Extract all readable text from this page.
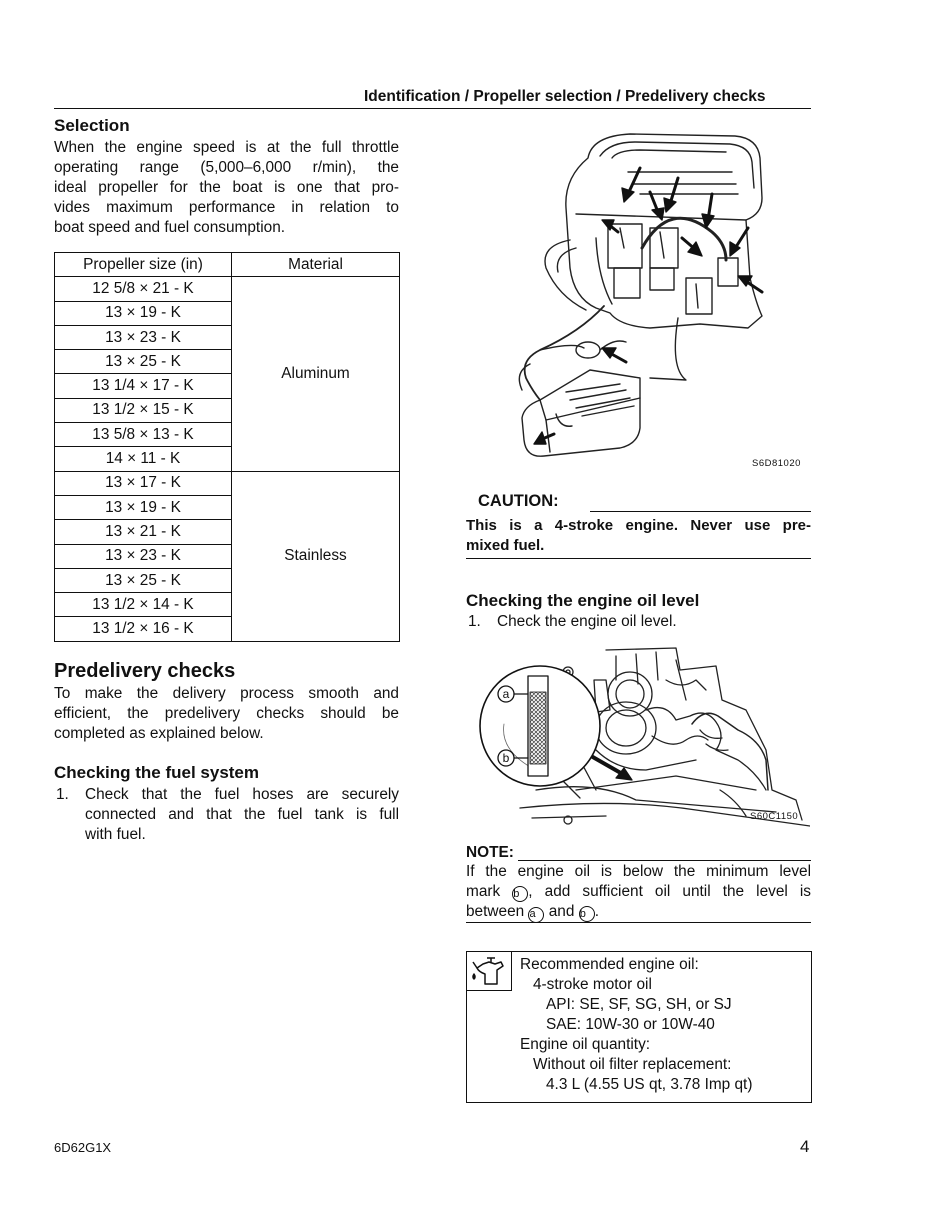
Identification / Propeller selection / Predelivery checks
Selection
When the engine speed is at the full throttle
operating range (5,000–6,000 r/min), the
ideal propeller for the boat is one that pro-
vides maximum performance in relation to
boat speed and fuel consumption.
Propeller size (in)	Material
12 5/8 × 21 - K	Aluminum
13 × 19 - K	
13 × 23 - K	
13 × 25 - K	
13 1/4 × 17 - K	
13 1/2 × 15 - K	
13 5/8 × 13 - K	
14 × 11 - K	
13 × 17 - K	Stainless
13 × 19 - K	
13 × 21 - K	
13 × 23 - K	
13 × 25 - K	
13 1/2 × 14 - K	
13 1/2 × 16 - K	
Predelivery checks
To make the delivery process smooth and
efficient, the predelivery checks should be
completed as explained below.
Checking the fuel system
1. Check that the fuel hoses are securely
connected and that the fuel tank is full
with fuel.
S6D81020
CAUTION:
This is a 4-stroke engine. Never use pre-
mixed fuel.
Checking the engine oil level
1. Check the engine oil level.
a
b
S60C1150
NOTE:
If the engine oil is below the minimum level
mark b , add sufficient oil until the level is
between a and b .
Recommended engine oil:
4-stroke motor oil
API: SE, SF, SG, SH, or SJ
SAE: 10W-30 or 10W-40
Engine oil quantity:
Without oil filter replacement:
4.3 L (4.55 US qt, 3.78 Imp qt)
6D62G1X	4
